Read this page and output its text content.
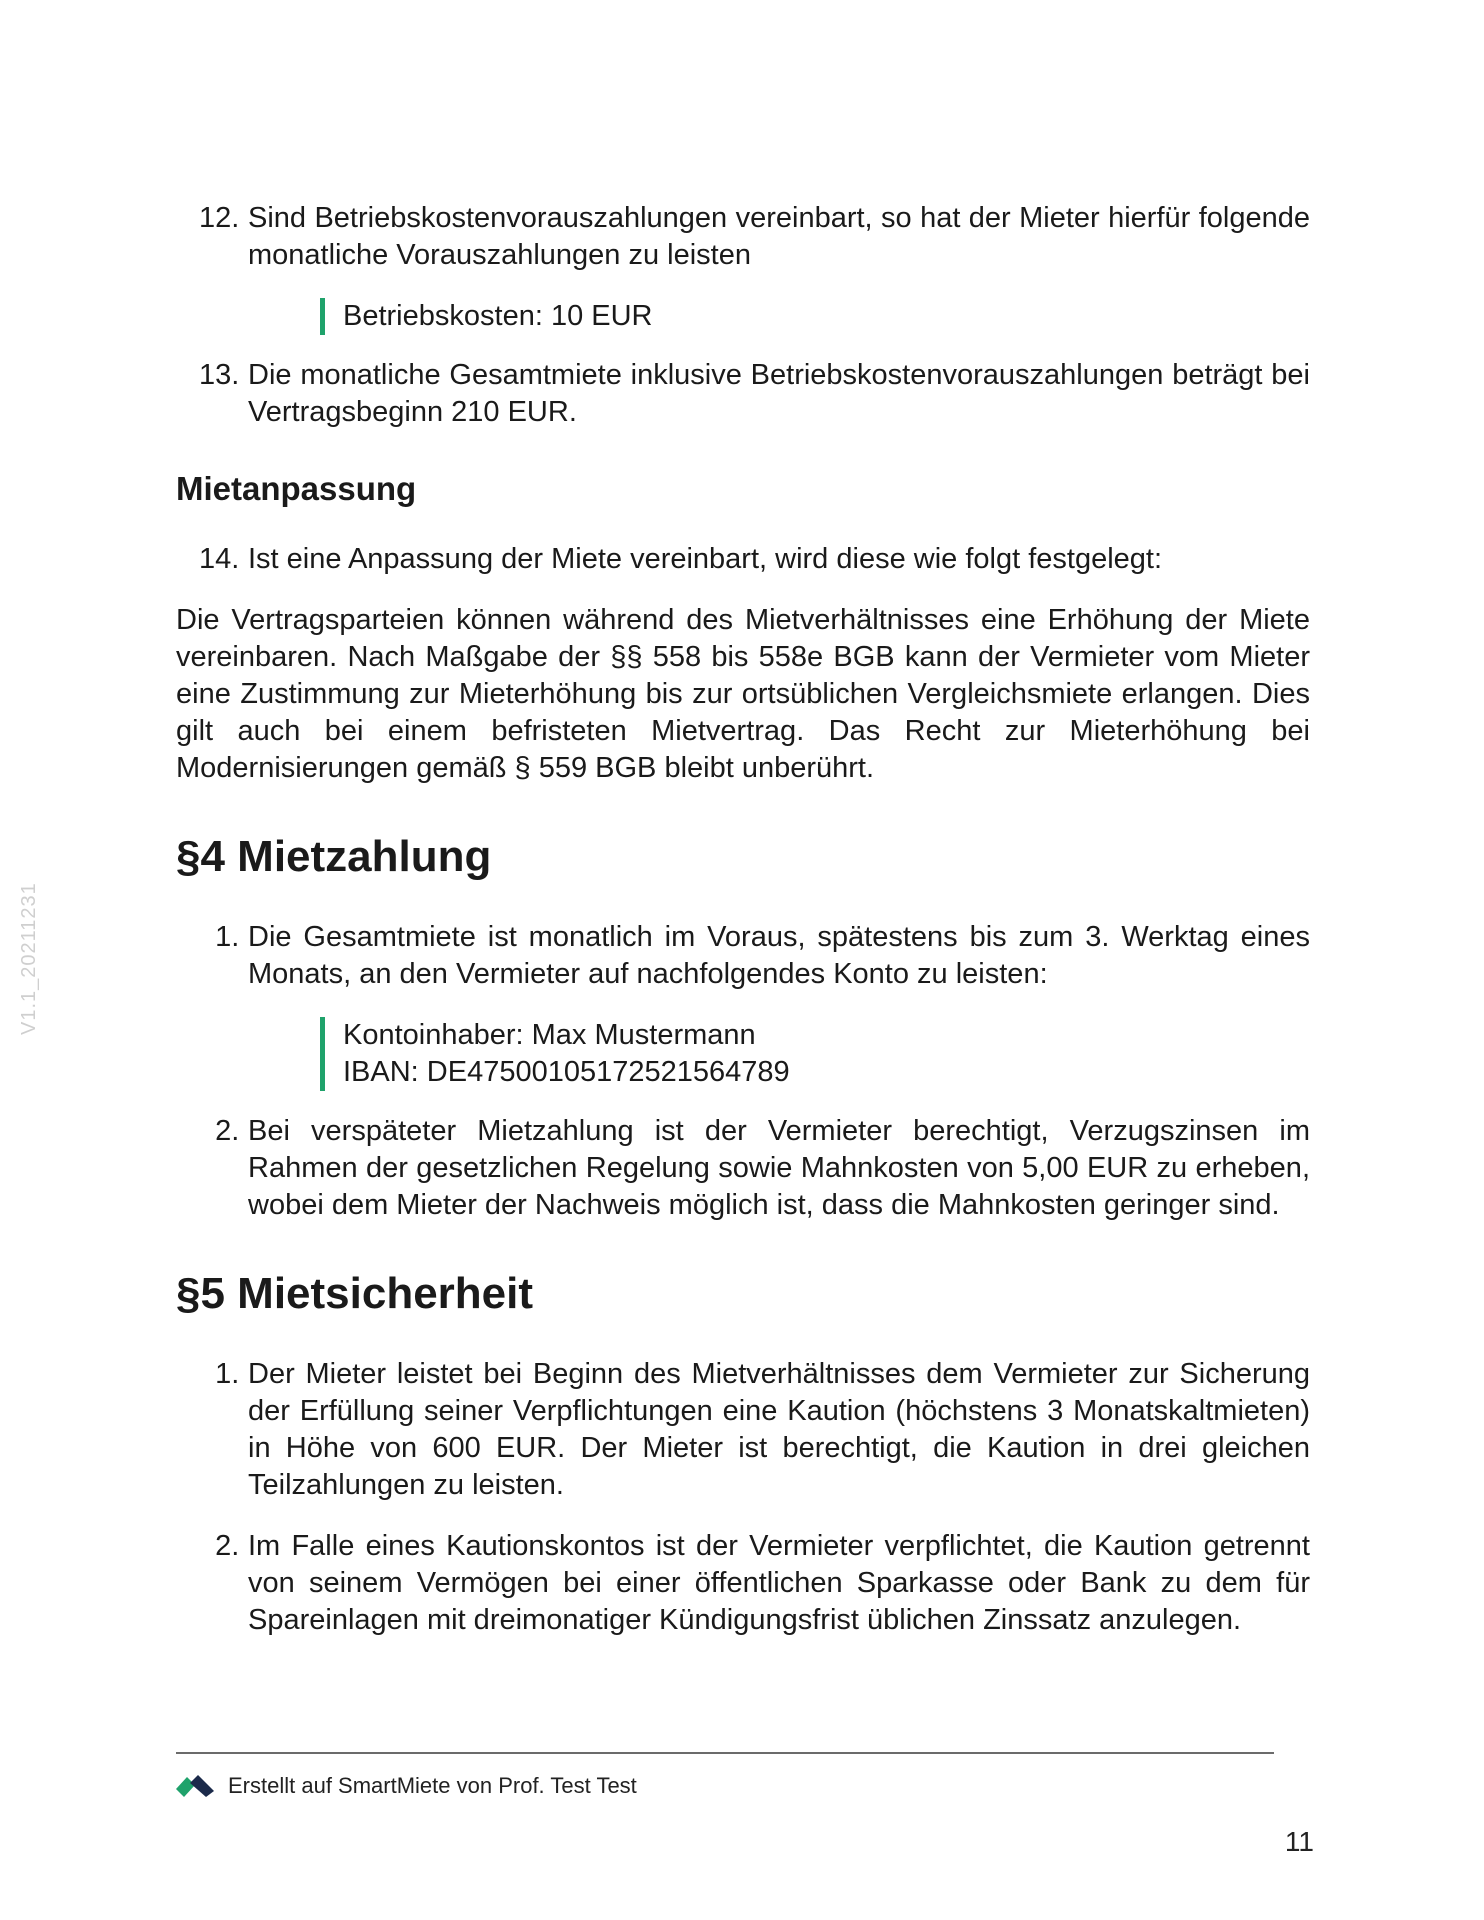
V1.1_20211231
12. Sind Betriebskostenvorauszahlungen vereinbart, so hat der Mieter hierfür folgende monatliche Vorauszahlungen zu leisten
Betriebskosten: 10 EUR
13. Die monatliche Gesamtmiete inklusive Betriebskostenvorauszahlungen beträgt bei Vertragsbeginn 210 EUR.
Mietanpassung
14. Ist eine Anpassung der Miete vereinbart, wird diese wie folgt festgelegt:

Die Vertragsparteien können während des Mietverhältnisses eine Erhöhung der Miete vereinbaren. Nach Maßgabe der §§ 558 bis 558e BGB kann der Vermieter vom Mieter eine Zustimmung zur Mieterhöhung bis zur ortsüblichen Vergleichsmiete erlangen. Dies gilt auch bei einem befristeten Mietvertrag. Das Recht zur Mieterhöhung bei Modernisierungen gemäß § 559 BGB bleibt unberührt.

§4 Mietzahlung
1. Die Gesamtmiete ist monatlich im Voraus, spätestens bis zum 3. Werktag eines Monats, an den Vermieter auf nachfolgendes Konto zu leisten:
Kontoinhaber: Max Mustermann
IBAN: DE47500105172521564789
2. Bei verspäteter Mietzahlung ist der Vermieter berechtigt, Verzugszinsen im Rahmen der gesetzlichen Regelung sowie Mahnkosten von 5,00 EUR zu erheben, wobei dem Mieter der Nachweis möglich ist, dass die Mahnkosten geringer sind.
§5 Mietsicherheit
1. Der Mieter leistet bei Beginn des Mietverhältnisses dem Vermieter zur Sicherung der Erfüllung seiner Verpflichtungen eine Kaution (höchstens 3 Monatskaltmieten) in Höhe von 600 EUR. Der Mieter ist berechtigt, die Kaution in drei gleichen Teilzahlungen zu leisten.
2. Im Falle eines Kautionskontos ist der Vermieter verpflichtet, die Kaution getrennt von seinem Vermögen bei einer öffentlichen Sparkasse oder Bank zu dem für Spareinlagen mit dreimonatiger Kündigungsfrist üblichen Zinssatz anzulegen.
Erstellt auf SmartMiete von Prof. Test Test
11
